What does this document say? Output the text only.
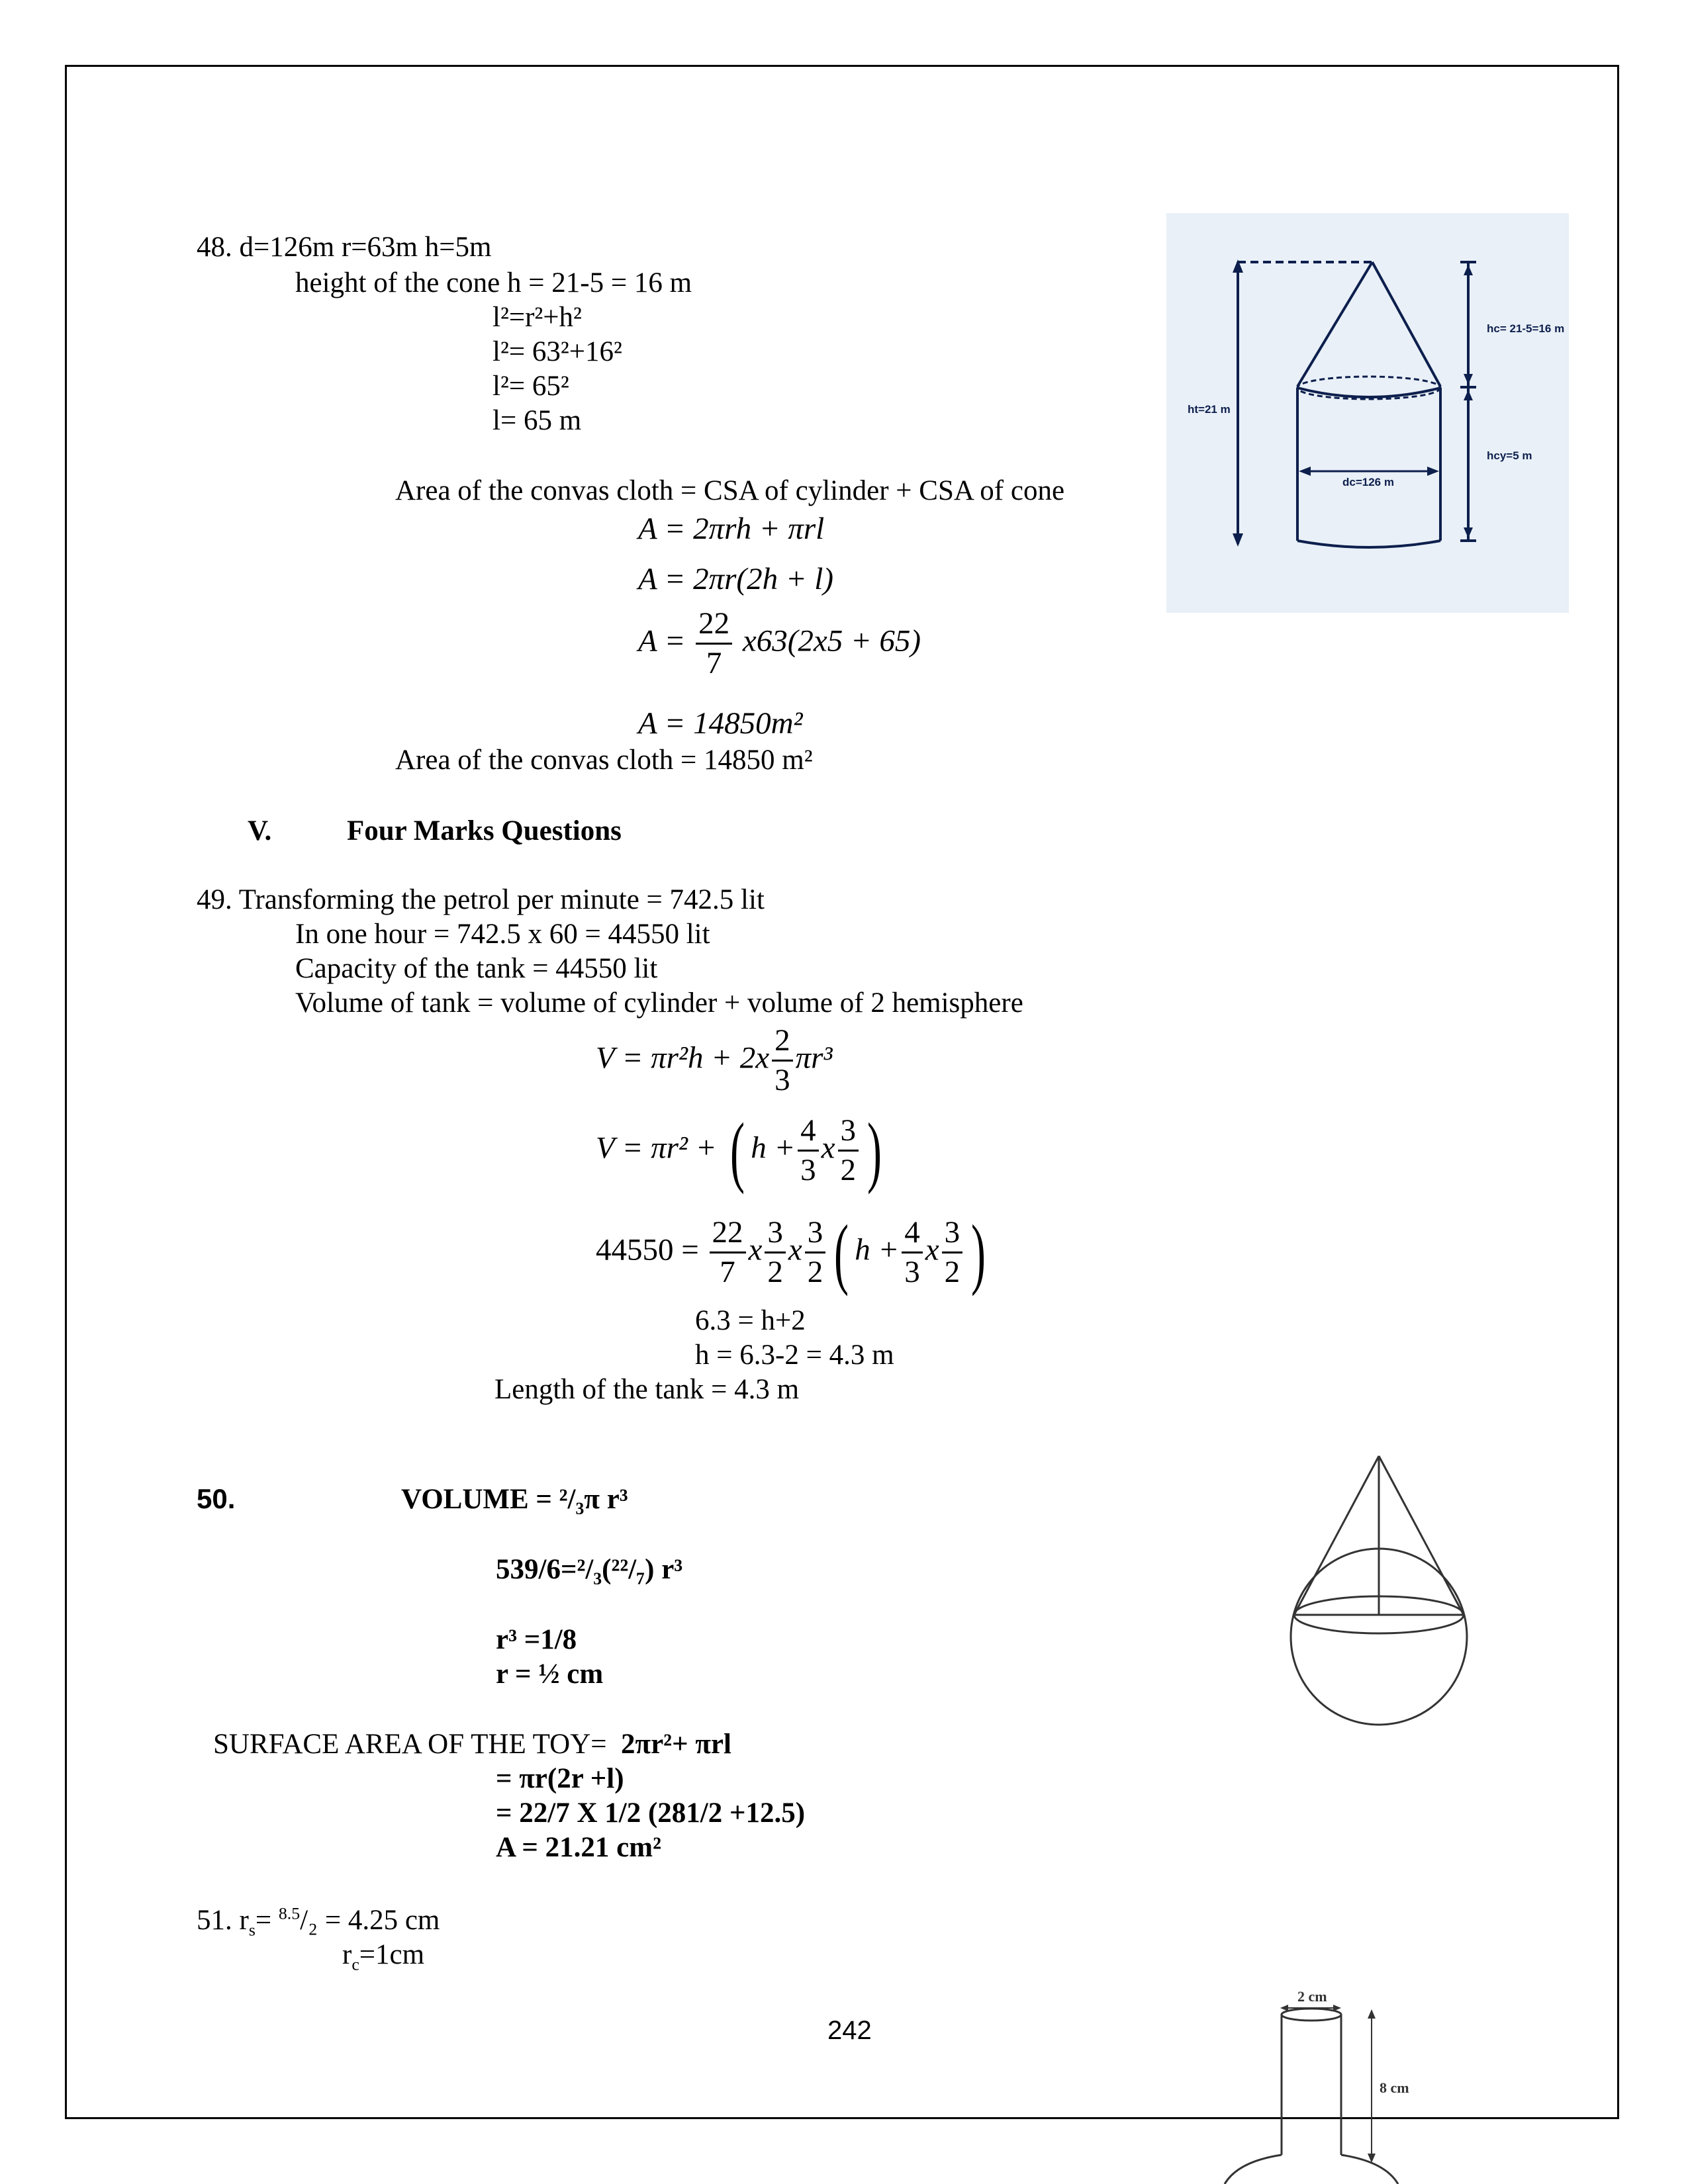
48. d=126m r=63m h=5m
height of the cone h = 21-5 = 16 m
l²=r²+h²
l²= 63²+16²
l²= 65²
l= 65 m
Area of the convas cloth = CSA of cylinder + CSA of cone
A = 2πrh + πrl
A = 2πr(2h + l)
$A = \frac{22}{7} x63(2x5 + 65)$
A = 14850m²
Area of the convas cloth = 14850 m²
hc= 21-5=16 m
ht=21 m
hcy=5 m
dc=126 m
V.	Four Marks Questions
49. Transforming the petrol per minute = 742.5 lit
In one hour = 742.5 x 60 = 44550 lit
Capacity of the tank = 44550 lit
Volume of tank = volume of cylinder + volume of 2 hemisphere
$V = \pi r^2h + 2x \frac{2}{3} \pi r^3$
V = πr² + ( $h + \frac{4}{3}$ x $\frac{3}{2}$ )
$44550 = \frac{22}{7}$ x $\frac{3}{2}$ x $\frac{3}{2}$ ( $h + \frac{4}{3}$ x $\frac{3}{2}$ )
6.3 = h+2
h = 6.3-2 = 4.3 m
Length of the tank = 4.3 m
50.	VOLUME = ²/₃π r³
539/6=²/₃(²²/₇) r³
r³ =1/8
r = ½ cm
SURFACE AREA OF THE TOY= 2πr²+ πrl
= πr(2r +l)
= 22/7 X 1/2 (281/2 +12.5)
A = 21.21 cm²
51. $r_s= ^{8.5}/_2 = 4.25$ cm
$r_c=1cm$
2 cm
8 cm
242
